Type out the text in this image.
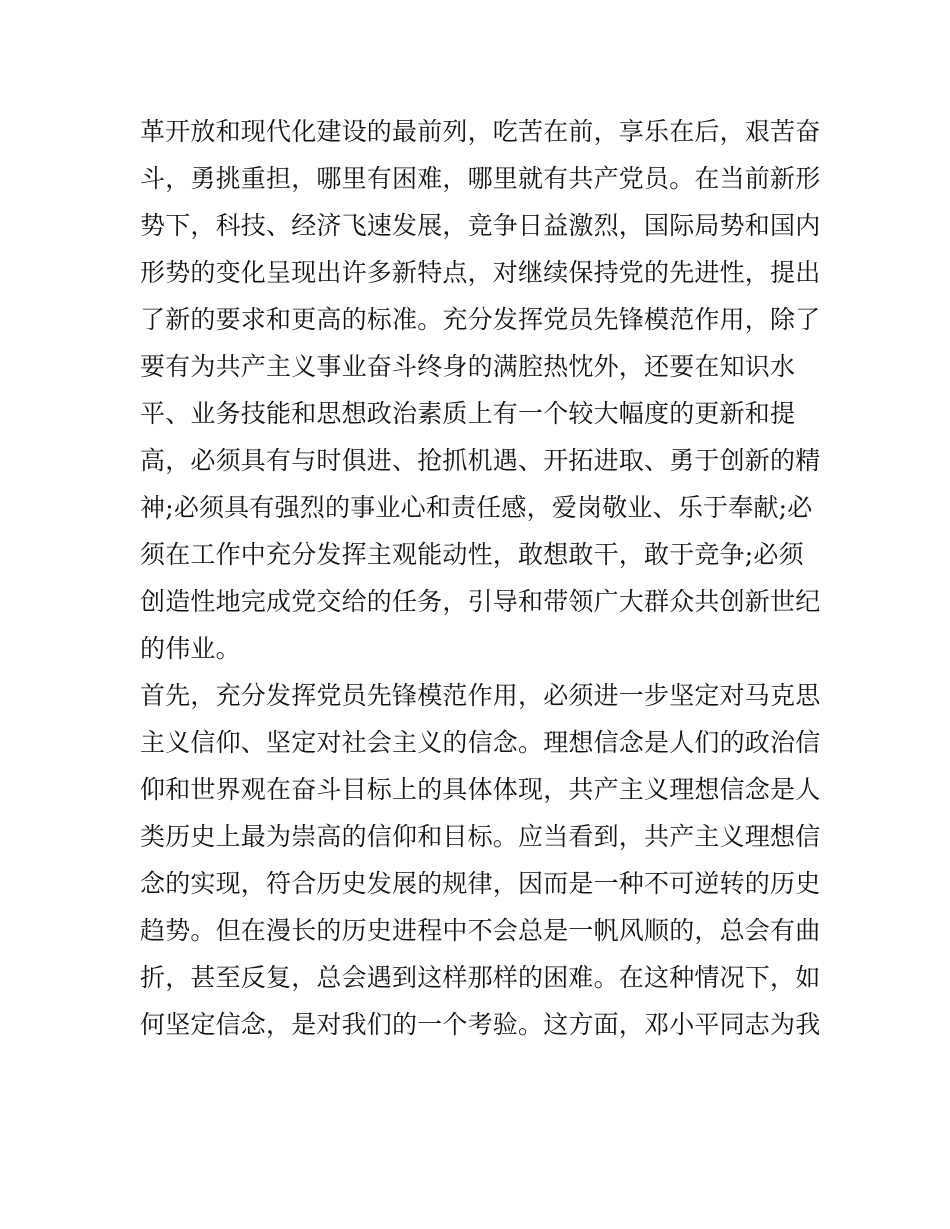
革开放和现代化建设的最前列，吃苦在前，享乐在后，艰苦奋
斗，勇挑重担，哪里有困难，哪里就有共产党员。在当前新形
势下，科技、经济飞速发展，竞争日益激烈，国际局势和国内
形势的变化呈现出许多新特点，对继续保持党的先进性，提出
了新的要求和更高的标准。充分发挥党员先锋模范作用，除了
要有为共产主义事业奋斗终身的满腔热忱外，还要在知识水
平、业务技能和思想政治素质上有一个较大幅度的更新和提
高，必须具有与时俱进、抢抓机遇、开拓进取、勇于创新的精
神;必须具有强烈的事业心和责任感，爱岗敬业、乐于奉献;必
须在工作中充分发挥主观能动性，敢想敢干，敢于竞争;必须
创造性地完成党交给的任务，引导和带领广大群众共创新世纪
的伟业。
首先，充分发挥党员先锋模范作用，必须进一步坚定对马克思
主义信仰、坚定对社会主义的信念。理想信念是人们的政治信
仰和世界观在奋斗目标上的具体体现，共产主义理想信念是人
类历史上最为崇高的信仰和目标。应当看到，共产主义理想信
念的实现，符合历史发展的规律，因而是一种不可逆转的历史
趋势。但在漫长的历史进程中不会总是一帆风顺的，总会有曲
折，甚至反复，总会遇到这样那样的困难。在这种情况下，如
何坚定信念，是对我们的一个考验。这方面，邓小平同志为我
